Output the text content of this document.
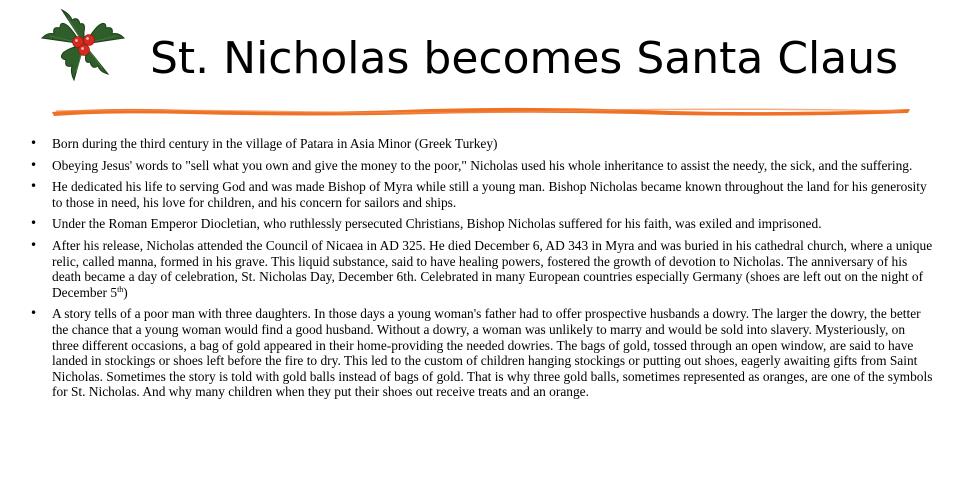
St. Nicholas becomes Santa Claus
• Born during the third century in the village of Patara in Asia Minor (Greek Turkey)
• Obeying Jesus' words to "sell what you own and give the money to the poor," Nicholas used his whole inheritance to assist the needy, the sick, and the suffering.
• He dedicated his life to serving God and was made Bishop of Myra while still a young man. Bishop Nicholas became known throughout the land for his generosity to those in need, his love for children, and his concern for sailors and ships.
• Under the Roman Emperor Diocletian, who ruthlessly persecuted Christians, Bishop Nicholas suffered for his faith, was exiled and imprisoned.
• After his release, Nicholas attended the Council of Nicaea in AD 325. He died December 6, AD 343 in Myra and was buried in his cathedral church, where a unique relic, called manna, formed in his grave. This liquid substance, said to have healing powers, fostered the growth of devotion to Nicholas. The anniversary of his death became a day of celebration, St. Nicholas Day, December 6th. Celebrated in many European countries especially Germany (shoes are left out on the night of December 5th)
• A story tells of a poor man with three daughters. In those days a young woman's father had to offer prospective husbands a dowry. The larger the dowry, the better the chance that a young woman would find a good husband. Without a dowry, a woman was unlikely to marry and would be sold into slavery. Mysteriously, on three different occasions, a bag of gold appeared in their home-providing the needed dowries. The bags of gold, tossed through an open window, are said to have landed in stockings or shoes left before the fire to dry. This led to the custom of children hanging stockings or putting out shoes, eagerly awaiting gifts from Saint Nicholas. Sometimes the story is told with gold balls instead of bags of gold. That is why three gold balls, sometimes represented as oranges, are one of the symbols for St. Nicholas. And why many children when they put their shoes out receive treats and an orange.
